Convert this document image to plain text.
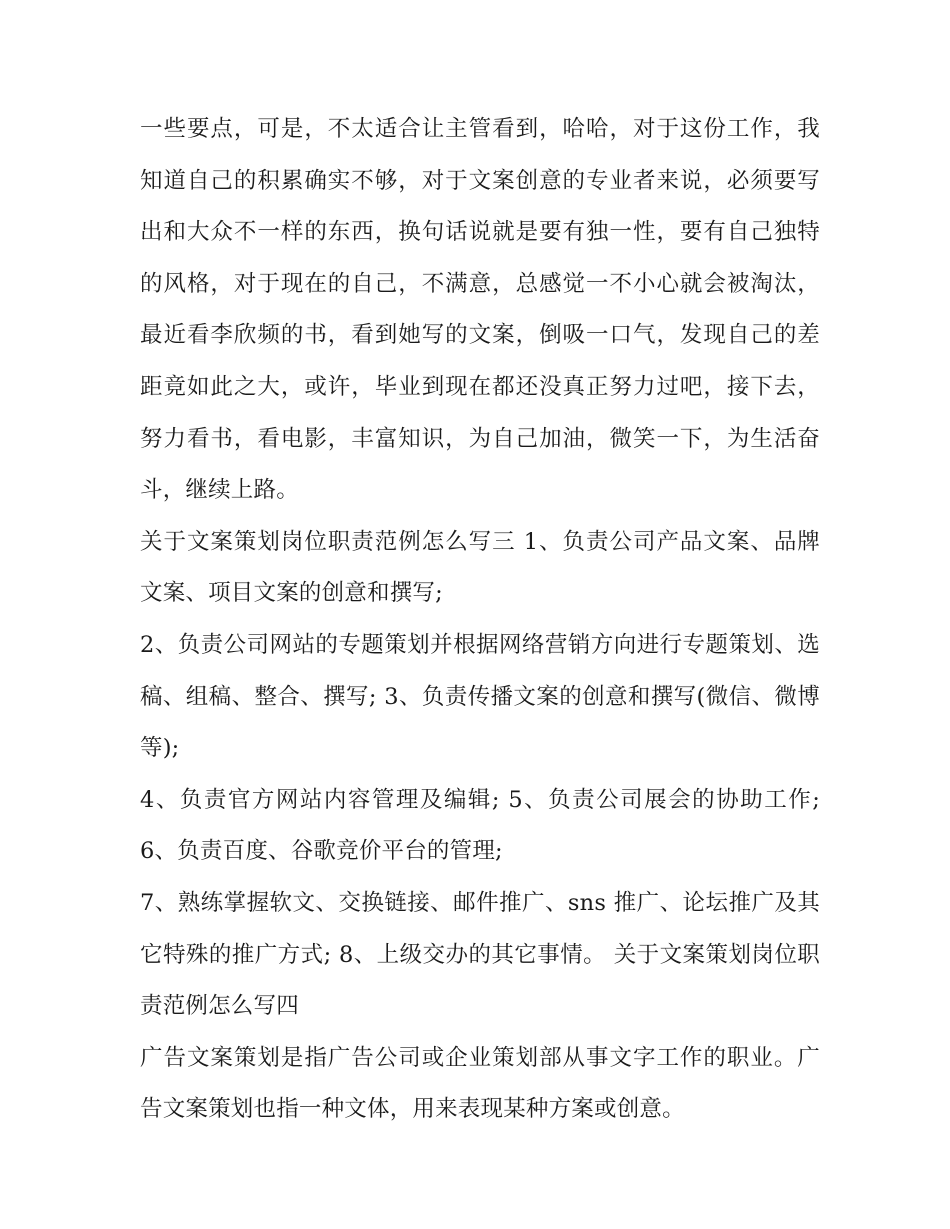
一些要点，可是，不太适合让主管看到，哈哈，对于这份工作，我知道自己的积累确实不够，对于文案创意的专业者来说，必须要写出和大众不一样的东西，换句话说就是要有独一性，要有自己独特的风格，对于现在的自己，不满意，总感觉一不小心就会被淘汰，最近看李欣频的书，看到她写的文案，倒吸一口气，发现自己的差距竟如此之大，或许，毕业到现在都还没真正努力过吧，接下去，努力看书，看电影，丰富知识，为自己加油，微笑一下，为生活奋斗，继续上路。

关于文案策划岗位职责范例怎么写三 1、负责公司产品文案、品牌文案、项目文案的创意和撰写;

2、负责公司网站的专题策划并根据网络营销方向进行专题策划、选稿、组稿、整合、撰写; 3、负责传播文案的创意和撰写(微信、微博等);

4、负责官方网站内容管理及编辑; 5、负责公司展会的协助工作; 6、负责百度、谷歌竞价平台的管理;

7、熟练掌握软文、交换链接、邮件推广、sns 推广、论坛推广及其它特殊的推广方式; 8、上级交办的其它事情。 关于文案策划岗位职责范例怎么写四

广告文案策划是指广告公司或企业策划部从事文字工作的职业。广告文案策划也指一种文体，用来表现某种方案或创意。
